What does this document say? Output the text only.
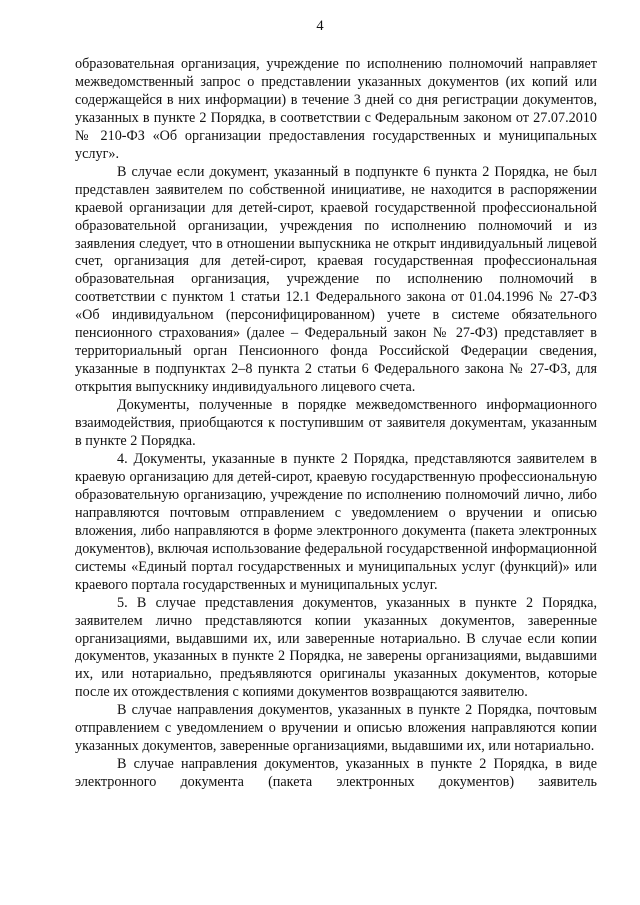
4

образовательная организация, учреждение по исполнению полномочий направляет межведомственный запрос о представлении указанных документов (их копий или содержащейся в них информации) в течение 3 дней со дня регистрации документов, указанных в пункте 2 Порядка, в соответствии с Федеральным законом от 27.07.2010 № 210-ФЗ «Об организации предоставления государственных и муниципальных услуг».

В случае если документ, указанный в подпункте 6 пункта 2 Порядка, не был представлен заявителем по собственной инициативе, не находится в распоряжении краевой организации для детей-сирот, краевой государственной профессиональной образовательной организации, учреждения по исполнению полномочий и из заявления следует, что в отношении выпускника не открыт индивидуальный лицевой счет, организация для детей-сирот, краевая государственная профессиональная образовательная организация, учреждение по исполнению полномочий в соответствии с пунктом 1 статьи 12.1 Федерального закона от 01.04.1996 № 27-ФЗ «Об индивидуальном (персонифицированном) учете в системе обязательного пенсионного страхования» (далее – Федеральный закон № 27-ФЗ) представляет в территориальный орган Пенсионного фонда Российской Федерации сведения, указанные в подпунктах 2–8 пункта 2 статьи 6 Федерального закона № 27-ФЗ, для открытия выпускнику индивидуального лицевого счета.

Документы, полученные в порядке межведомственного информационного взаимодействия, приобщаются к поступившим от заявителя документам, указанным в пункте 2 Порядка.

4. Документы, указанные в пункте 2 Порядка, представляются заявителем в краевую организацию для детей-сирот, краевую государственную профессиональную образовательную организацию, учреждение по исполнению полномочий лично, либо направляются почтовым отправлением с уведомлением о вручении и описью вложения, либо направляются в форме электронного документа (пакета электронных документов), включая использование федеральной государственной информационной системы «Единый портал государственных и муниципальных услуг (функций)» или краевого портала государственных и муниципальных услуг.

5. В случае представления документов, указанных в пункте 2 Порядка, заявителем лично представляются копии указанных документов, заверенные организациями, выдавшими их, или заверенные нотариально. В случае если копии документов, указанных в пункте 2 Порядка, не заверены организациями, выдавшими их, или нотариально, предъявляются оригиналы указанных документов, которые после их отождествления с копиями документов возвращаются заявителю.

В случае направления документов, указанных в пункте 2 Порядка, почтовым отправлением с уведомлением о вручении и описью вложения направляются копии указанных документов, заверенные организациями, выдавшими их, или нотариально.

В случае направления документов, указанных в пункте 2 Порядка, в виде электронного документа (пакета электронных документов) заявитель
